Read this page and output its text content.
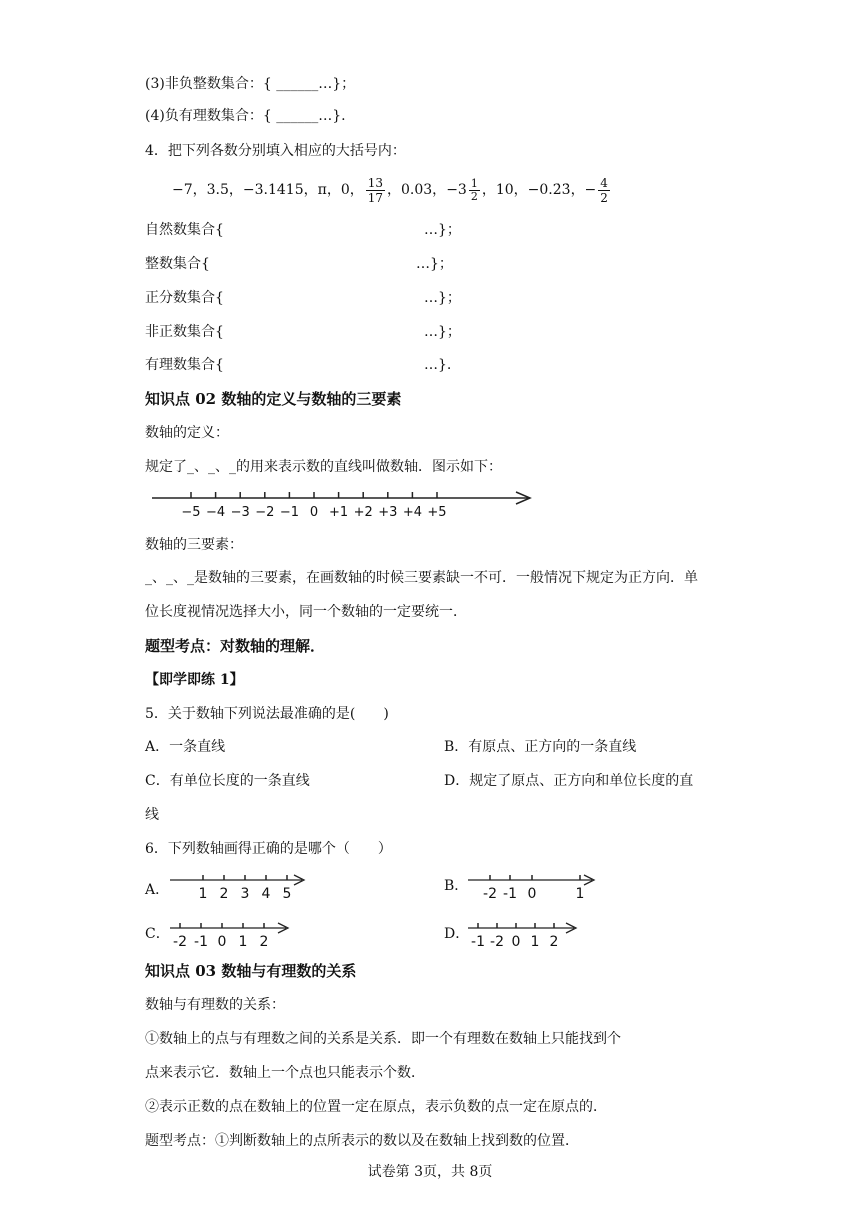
(3)非负整数集合：{ ______…}；
(4)负有理数集合：{ ______…}.
4．把下列各数分别填入相应的大括号内：
−7，3.5，−3.1415，π，0， $\frac{13}{17}$ ，0.03，$-3 \frac{1}{2}$ ，10，−0.2̇3̇，− $\frac{4}{2}$
自然数集合{	…}；
整数集合{	…}；
正分数集合{	…}；
非正数集合{	…}；
有理数集合{	…}.
知识点 02 数轴的定义与数轴的三要素
数轴的定义：
规定了_、_、_的用来表示数的直线叫做数轴．图示如下：
−5 −4 −3 −2 −1 0 +1 +2 +3 +4 +5
数轴的三要素：
_、_、_是数轴的三要素，在画数轴的时候三要素缺一不可．一般情况下规定为正方向．单
位长度视情况选择大小，同一个数轴的一定要统一．
题型考点：对数轴的理解．
【即学即练 1】
5．关于数轴下列说法最准确的是(　　)
A．一条直线	B．有原点、正方向的一条直线
C．有单位长度的一条直线	D．规定了原点、正方向和单位长度的直
线
6．下列数轴画得正确的是哪个（　　）
A． 1 2 3 4 5	B． -2 -1 0	1
C． -2 -1 0 1 2	D． -1 -2 0 1 2
知识点 03 数轴与有理数的关系
数轴与有理数的关系：
①数轴上的点与有理数之间的关系是关系．即一个有理数在数轴上只能找到个
点来表示它．数轴上一个点也只能表示个数．
②表示正数的点在数轴上的位置一定在原点，表示负数的点一定在原点的．
题型考点：①判断数轴上的点所表示的数以及在数轴上找到数的位置．
试卷第 3页，共 8页
